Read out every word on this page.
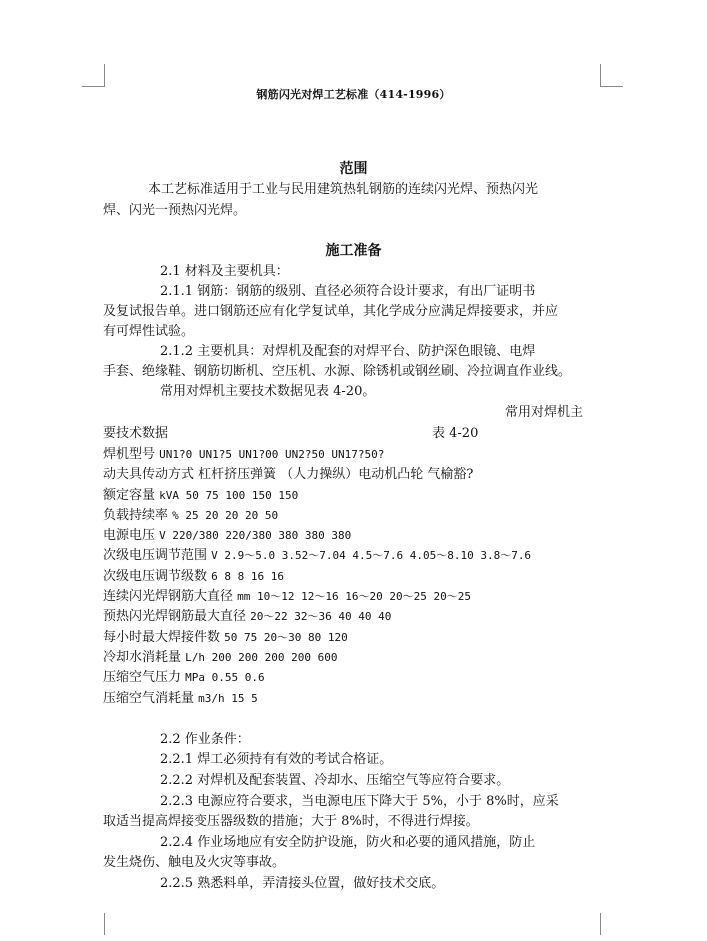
钢筋闪光对焊工艺标准（414-1996）
范围
本工艺标准适用于工业与民用建筑热轧钢筋的连续闪光焊、预热闪光
焊、闪光一预热闪光焊。
施工准备
2.1 材料及主要机具：
2.1.1 钢筋：钢筋的级别、直径必须符合设计要求，有出厂证明书
及复试报告单。进口钢筋还应有化学复试单，其化学成分应满足焊接要求，并应
有可焊性试验。
2.1.2 主要机具：对焊机及配套的对焊平台、防护深色眼镜、电焊
手套、绝缘鞋、钢筋切断机、空压机、水源、除锈机或钢丝刷、冷拉调直作业线。
常用对焊机主要技术数据见表 4-20。
常用对焊机主
要技术数据	表 4-20
焊机型号 UN1?0 UN1?5 UN1?00 UN2?50 UN17?50?
动夫具传动方式 杠杆挤压弹簧 （人力操纵）电动机凸轮 气榆豁?
额定容量 kVA 50 75 100 150 150
负载持续率 % 25 20 20 20 50
电源电压 V 220/380 220/380 380 380 380
次级电压调节范围 V 2.9～5.0 3.52～7.04 4.5～7.6 4.05～8.10 3.8～7.6
次级电压调节级数 6 8 8 16 16
连续闪光焊钢筋大直径 mm 10～12 12～16 16～20 20～25 20～25
预热闪光焊钢筋最大直径 20～22 32～36 40 40 40
每小时最大焊接件数 50 75 20～30 80 120
冷却水消耗量 L/h 200 200 200 200 600
压缩空气压力 MPa 0.55 0.6
压缩空气消耗量 m3/h 15 5
2.2 作业条件：
2.2.1 焊工必须持有有效的考试合格证。
2.2.2 对焊机及配套装置、冷却水、压缩空气等应符合要求。
2.2.3 电源应符合要求，当电源电压下降大于 5%，小于 8%时，应采
取适当提高焊接变压器级数的措施；大于 8%时，不得进行焊接。
2.2.4 作业场地应有安全防护设施，防火和必要的通风措施，防止
发生烧伤、触电及火灾等事故。
2.2.5 熟悉料单，弄清接头位置，做好技术交底。
